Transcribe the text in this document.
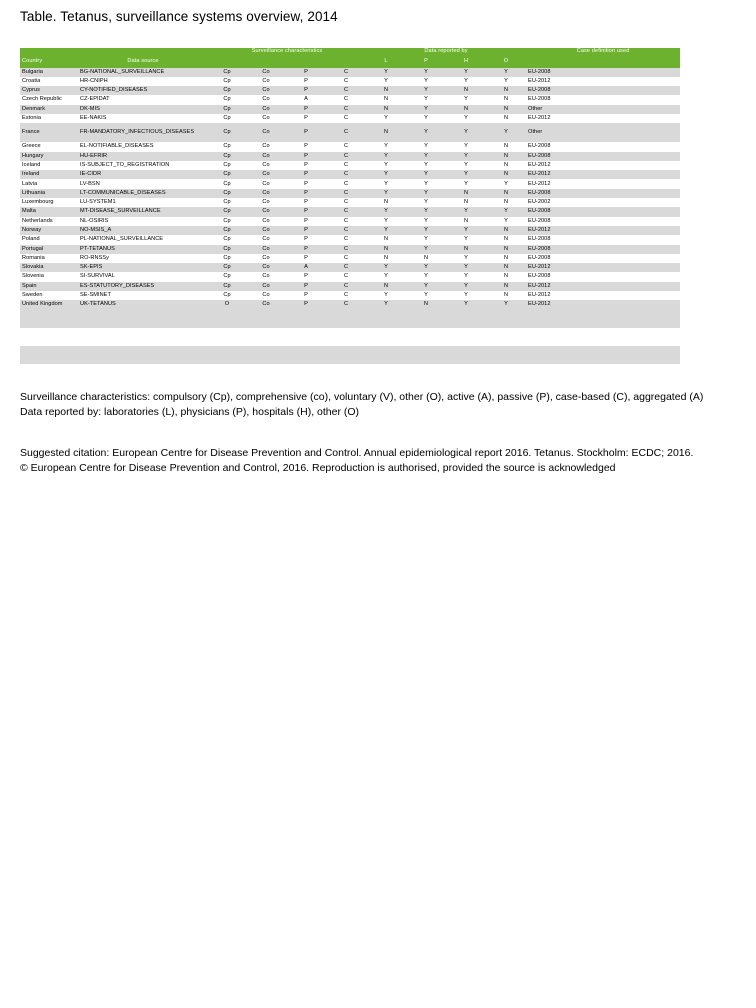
Table. Tetanus, surveillance systems overview, 2014
		Surveillance characteristics				Data reported by				Case definition used
Country	Data source					L	P	H	O	
Bulgaria	BG-NATIONAL_SURVEILLANCE	Cp	Co	P	C	Y	Y	Y	Y	EU-2008
Croatia	HR-CNIPH	Cp	Co	P	C	Y	Y	Y	Y	EU-2012
Cyprus	CY-NOTIFIED_DISEASES	Cp	Co	P	C	N	Y	N	N	EU-2008
Czech Republic	CZ-EPIDAT	Cp	Co	A	C	N	Y	Y	N	EU-2008
Denmark	DK-MIS	Cp	Co	P	C	N	Y	N	N	Other
Estonia	EE-NAKIS	Cp	Co	P	C	Y	Y	Y	N	EU-2012
France	FR-​MANDATORY_INFECTIOUS_DISEASES	Cp	Co	P	C	N	Y	Y	Y	Other
Greece	EL-NOTIFIABLE_DISEASES	Cp	Co	P	C	Y	Y	Y	N	EU-2008
Hungary	HU-EFRIR	Cp	Co	P	C	Y	Y	Y	N	EU-2008
Iceland	IS-SUBJECT_TO_REGISTRATION	Cp	Co	P	C	Y	Y	Y	N	EU-2012
Ireland	IE-CIDR	Cp	Co	P	C	Y	Y	Y	N	EU-2012
Latvia	LV-BSN	Cp	Co	P	C	Y	Y	Y	Y	EU-2012
Lithuania	LT-COMMUNICABLE_DISEASES	Cp	Co	P	C	Y	Y	N	N	EU-2008
Luxembourg	LU-SYSTEM1	Cp	Co	P	C	N	Y	N	N	EU-2002
Malta	MT-DISEASE_SURVEILLANCE	Cp	Co	P	C	Y	Y	Y	Y	EU-2008
Netherlands	NL-OSIRIS	Cp	Co	P	C	Y	Y	N	Y	EU-2008
Norway	NO-MSIS_A	Cp	Co	P	C	Y	Y	Y	N	EU-2012
Poland	PL-NATIONAL_SURVEILLANCE	Cp	Co	P	C	N	Y	Y	N	EU-2008
Portugal	PT-TETANUS	Cp	Co	P	C	N	Y	N	N	EU-2008
Romania	RO-RNSSy	Cp	Co	P	C	N	N	Y	N	EU-2008
Slovakia	SK-EPIS	Cp	Co	A	C	Y	Y	Y	N	EU-2012
Slovenia	SI-SURVIVAL	Cp	Co	P	C	Y	Y	Y	N	EU-2008
Spain	ES-STATUTORY_DISEASES	Cp	Co	P	C	N	Y	Y	N	EU-2012
Sweden	SE-SMINET	Cp	Co	P	C	Y	Y	Y	N	EU-2012
United Kingdom	UK-TETANUS	O	Co	P	C	Y	N	Y	Y	EU-2012

Surveillance characteristics: compulsory (Cp), comprehensive (co), voluntary (V), other (O), active (A), passive (P), case-based (C), aggregated (A)

Data reported by: laboratories (L), physicians (P), hospitals (H), other (O)

Suggested citation: European Centre for Disease Prevention and Control. Annual epidemiological report 2016. Tetanus. Stockholm: ECDC; 2016.

© European Centre for Disease Prevention and Control, 2016. Reproduction is authorised, provided the source is acknowledged
